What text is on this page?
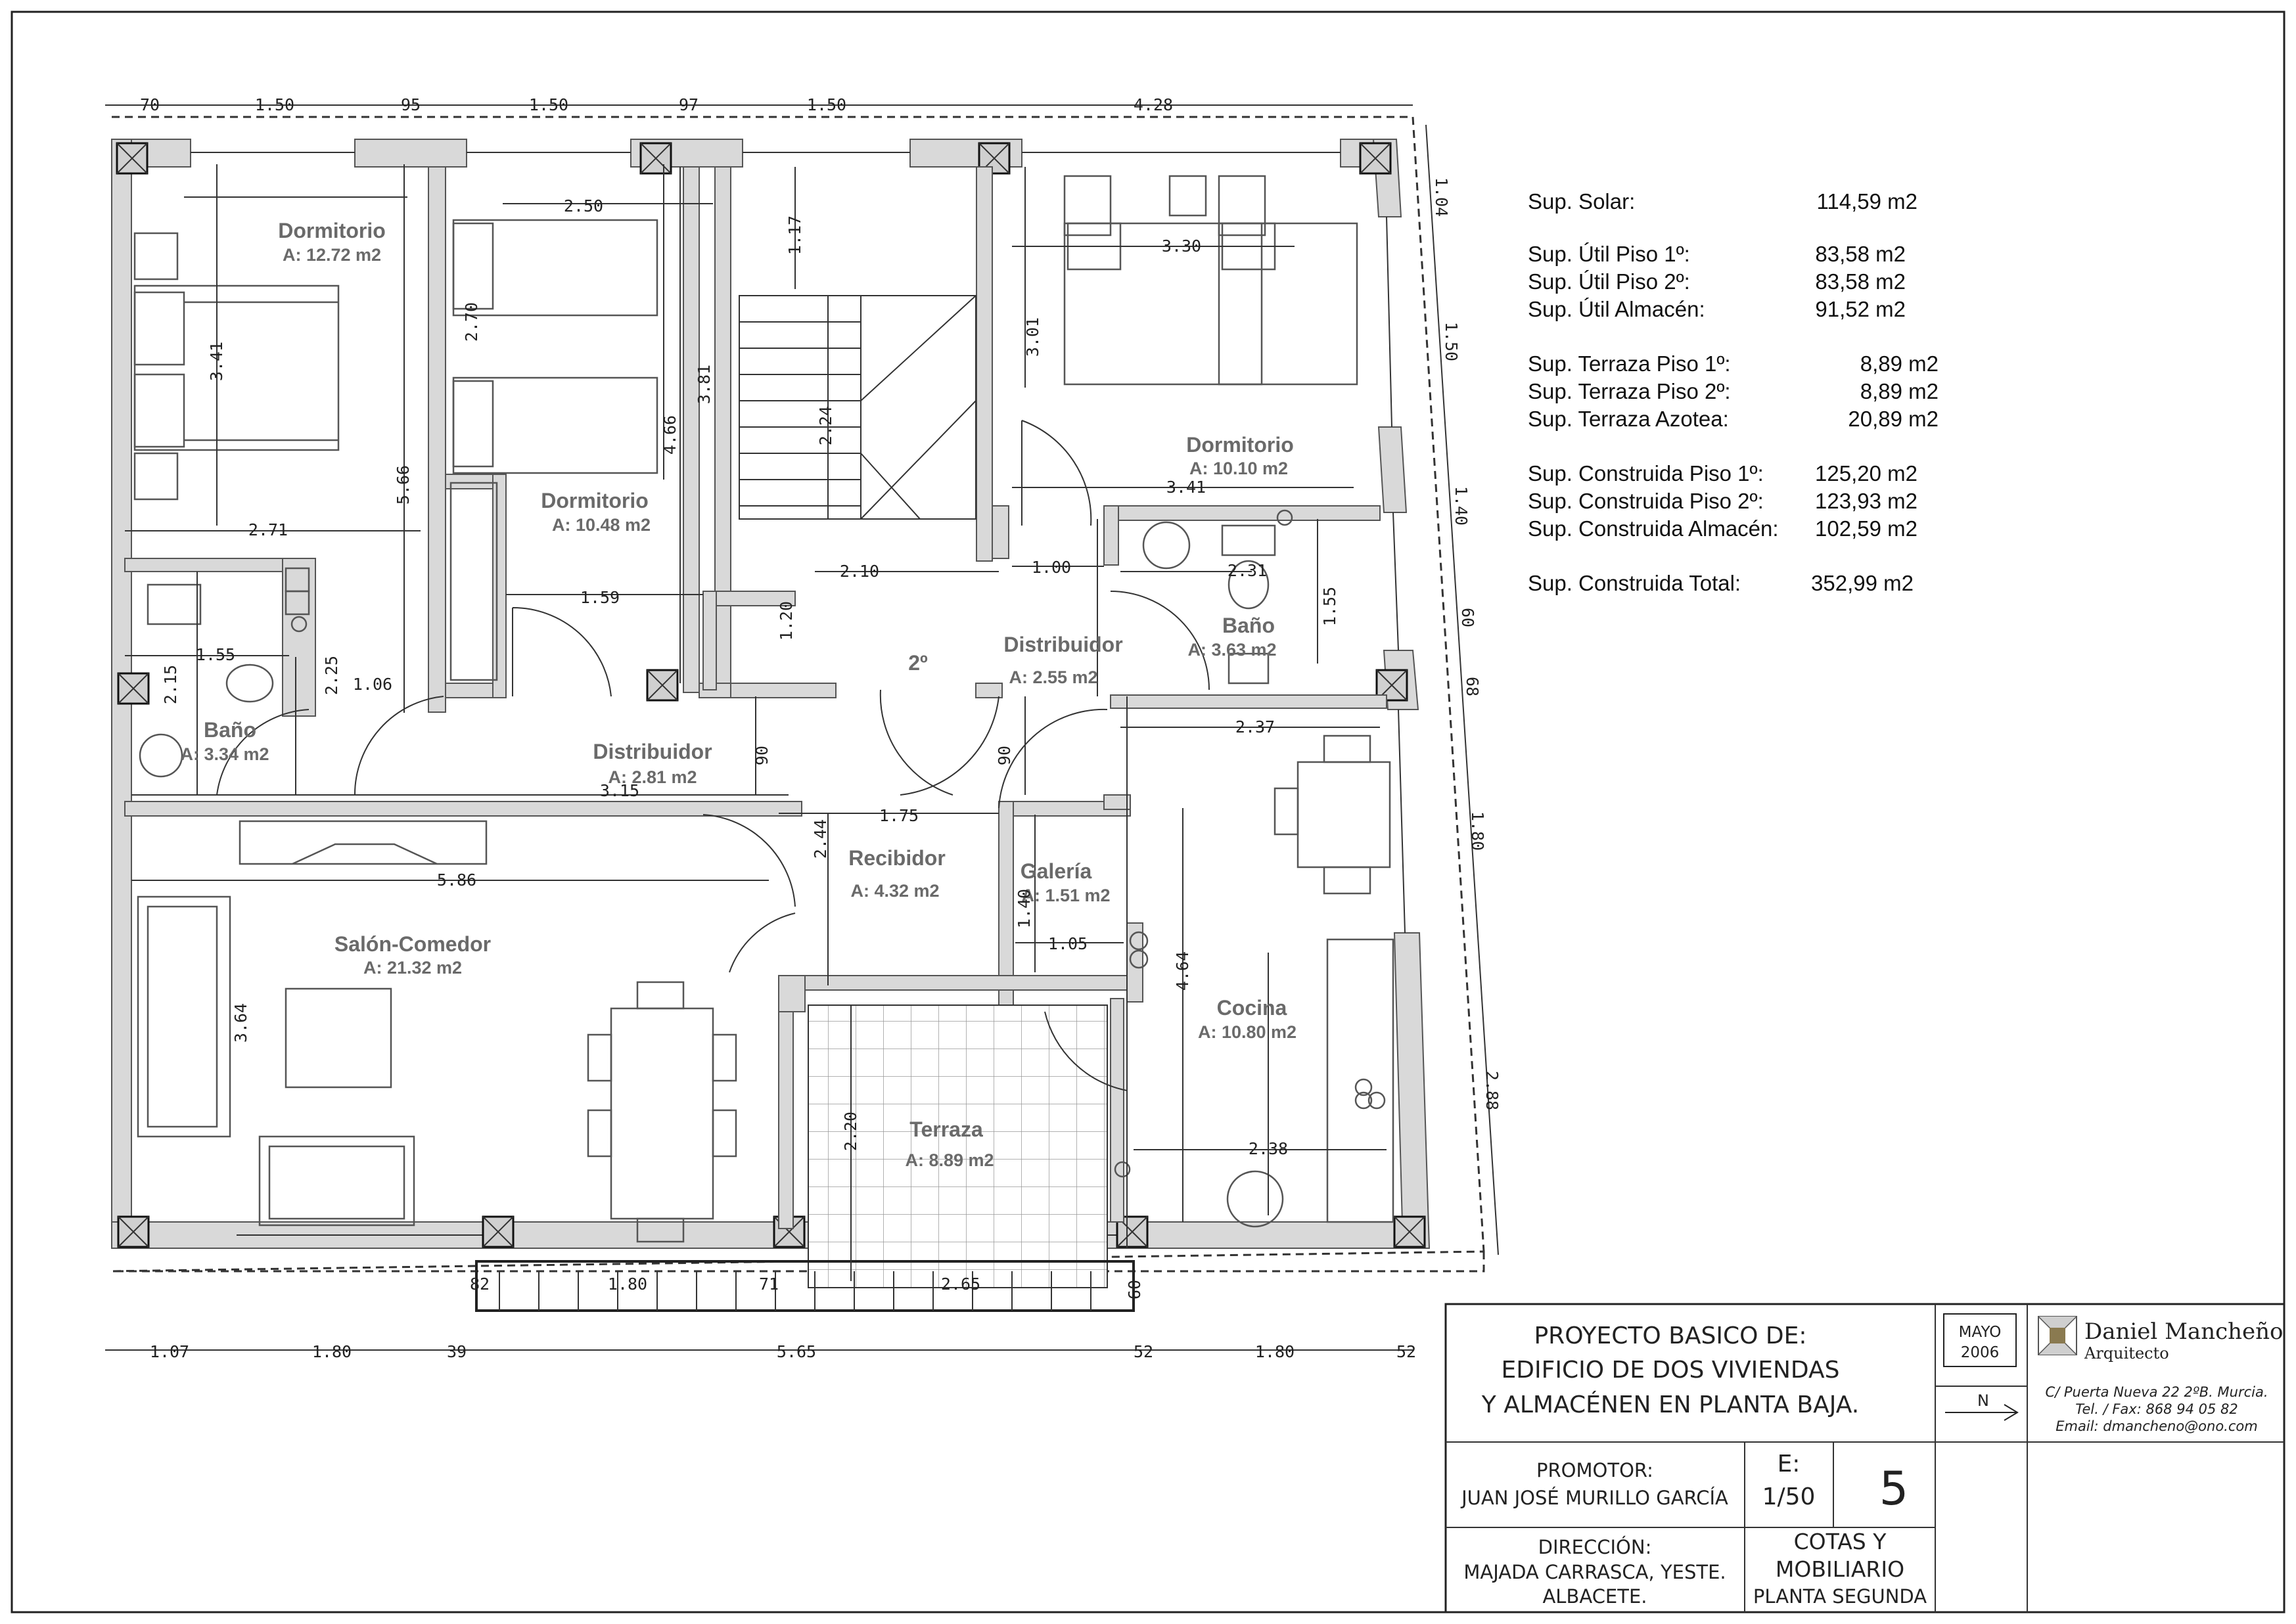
Dormitorio
A: 12.72 m2
Dormitorio
A: 10.48 m2
Dormitorio
A: 10.10 m2
Baño
A: 3.63 m2
Distribuidor
A: 2.55 m2
Baño
A: 3.34 m2	Distribuidor
A: 2.81 m2
Recibidor
A: 4.32 m2
Galería
A: 1.51 m2
Salón-Comedor
A: 21.32 m2
Cocina
A: 10.80 m2
Terraza
A: 8.89 m2
2º
70	1.50	95	1.50	97	1.50	4.28
82	1.80	71	2.65	60
1.07	1.80	39	5.65	52	1.80	52
1.04
1.50
1.40
60
68
1.80
2.88
2.50
3.30
1.17
3.41
2.70
4.66
3.81
2.24
3.01
5.66	3.41
2.71
2.10	1.00	2.31
1.59
1.20	1.55
1.55
2.15	2.25 1.06
2.37
90	90
3.15
1.75
2.44
1.40
1.05
5.86
3.64
4.64
2.20	2.38
Sup. Solar:	114,59 m2
Sup. Útil Piso 1º:	83,58 m2
Sup. Útil Piso 2º:	83,58 m2
Sup. Útil Almacén:	91,52 m2
Sup. Terraza Piso 1º:	8,89 m2
Sup. Terraza Piso 2º:	8,89 m2
Sup. Terraza Azotea:	20,89 m2
Sup. Construida Piso 1º: 125,20 m2
Sup. Construida Piso 2º: 123,93 m2
Sup. Construida Almacén: 102,59 m2
Sup. Construida Total:	352,99 m2
PROYECTO BASICO DE:
EDIFICIO DE DOS VIVIENDAS
Y ALMACÉNEN EN PLANTA BAJA.
MAYO
2006
N
Daniel Mancheño
Arquitecto
C/ Puerta Nueva 22 2ºB. Murcia.
Tel. / Fax: 868 94 05 82
Email: dmancheno@ono.com
PROMOTOR:
JUAN JOSÉ MURILLO GARCÍA
E:
1/50 5
DIRECCIÓN:
MAJADA CARRASCA, YESTE.
ALBACETE.
COTAS Y
MOBILIARIO
PLANTA SEGUNDA
